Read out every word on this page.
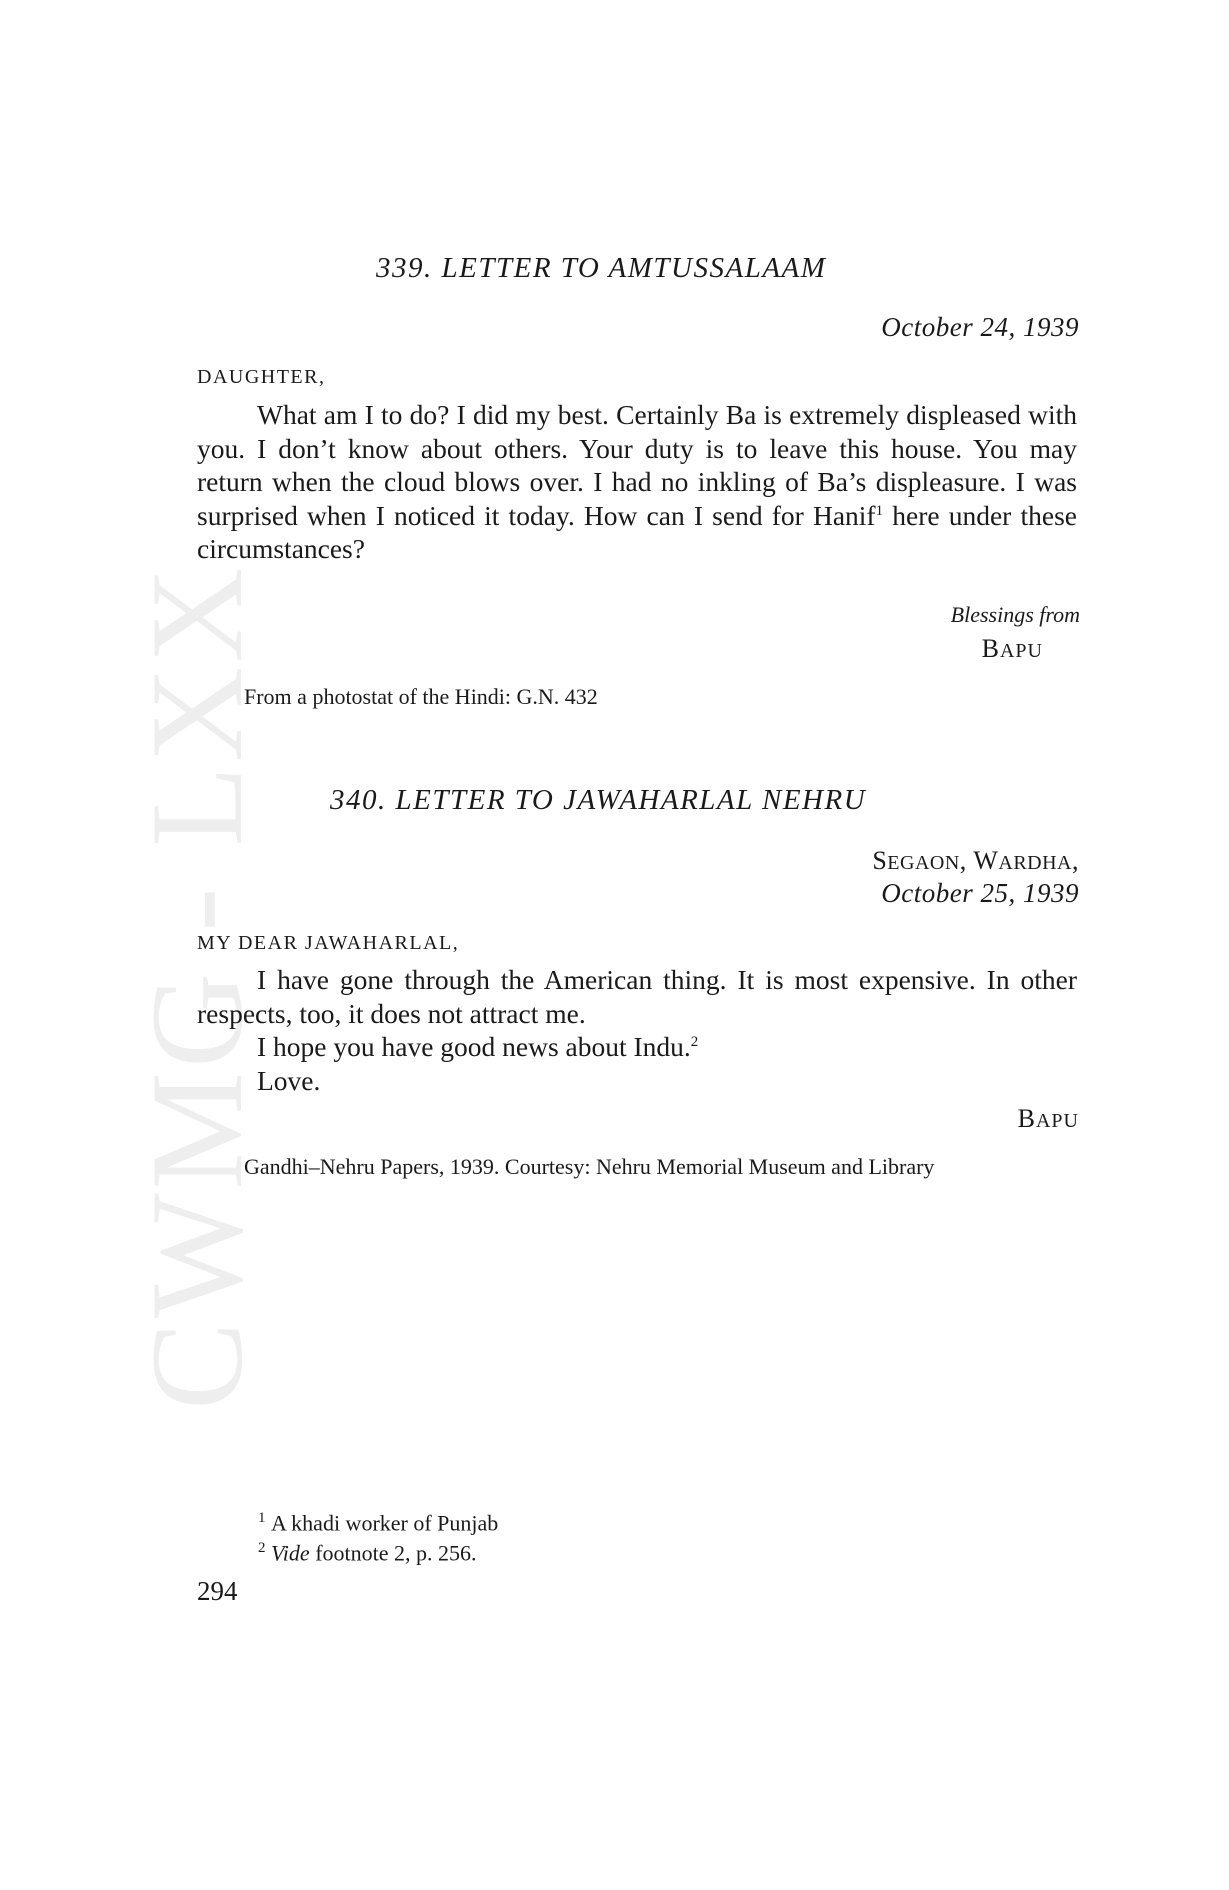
CWMG - LXX
339. LETTER TO AMTUSSALAAM
October 24, 1939
DAUGHTER,

What am I to do? I did my best. Certainly Ba is extremely displeased with you. I don’t know about others. Your duty is to leave this house. You may return when the cloud blows over. I had no inkling of Ba’s displeasure. I was surprised when I noticed it today. How can I send for Hanif$^1$ here under these circumstances?

Blessings from
BAPU
From a photostat of the Hindi: G.N. 432
340. LETTER TO JAWAHARLAL NEHRU
SEGAON, WARDHA,
October 25, 1939
MY DEAR JAWAHARLAL,

I have gone through the American thing. It is most expensive. In other respects, too, it does not attract me.

I hope you have good news about Indu.$^2$

Love.

BAPU
Gandhi–Nehru Papers, 1939. Courtesy: Nehru Memorial Museum and Library
$^1$ A khadi worker of Punjab
$^2$ Vide footnote 2, p. 256.
294
